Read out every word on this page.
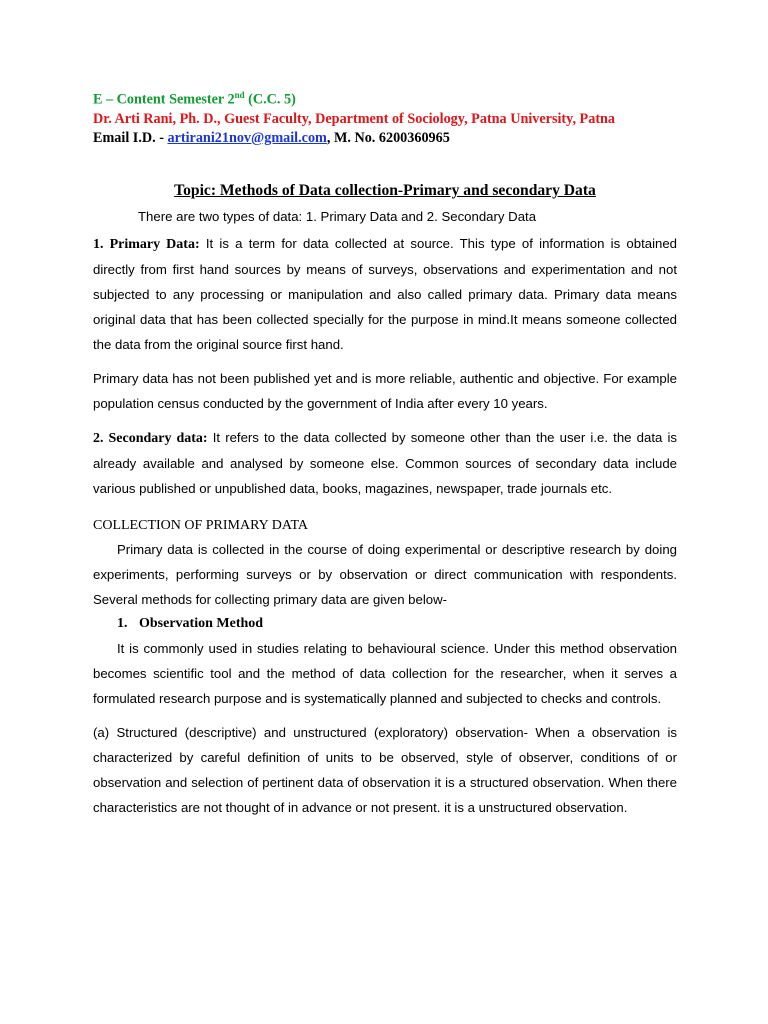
E – Content Semester 2nd (C.C. 5)
Dr. Arti Rani, Ph. D., Guest Faculty, Department of Sociology, Patna University, Patna
Email I.D. - artirani21nov@gmail.com, M. No. 6200360965
Topic: Methods of Data collection-Primary and secondary Data
There are two types of data: 1. Primary Data and 2. Secondary Data
1. Primary Data: It is a term for data collected at source. This type of information is obtained directly from first hand sources by means of surveys, observations and experimentation and not subjected to any processing or manipulation and also called primary data. Primary data means original data that has been collected specially for the purpose in mind.It means someone collected the data from the original source first hand.
Primary data has not been published yet and is more reliable, authentic and objective. For example population census conducted by the government of India after every 10 years.
2. Secondary data: It refers to the data collected by someone other than the user i.e. the data is already available and analysed by someone else. Common sources of secondary data include various published or unpublished data, books, magazines, newspaper, trade journals etc.
COLLECTION OF PRIMARY DATA
Primary data is collected in the course of doing experimental or descriptive research by doing experiments, performing surveys or by observation or direct communication with respondents. Several methods for collecting primary data are given below-
1. Observation Method
It is commonly used in studies relating to behavioural science. Under this method observation becomes scientific tool and the method of data collection for the researcher, when it serves a formulated research purpose and is systematically planned and subjected to checks and controls.
(a) Structured (descriptive) and unstructured (exploratory) observation- When a observation is characterized by careful definition of units to be observed, style of observer, conditions of or observation and selection of pertinent data of observation it is a structured observation. When there characteristics are not thought of in advance or not present. it is a unstructured observation.
